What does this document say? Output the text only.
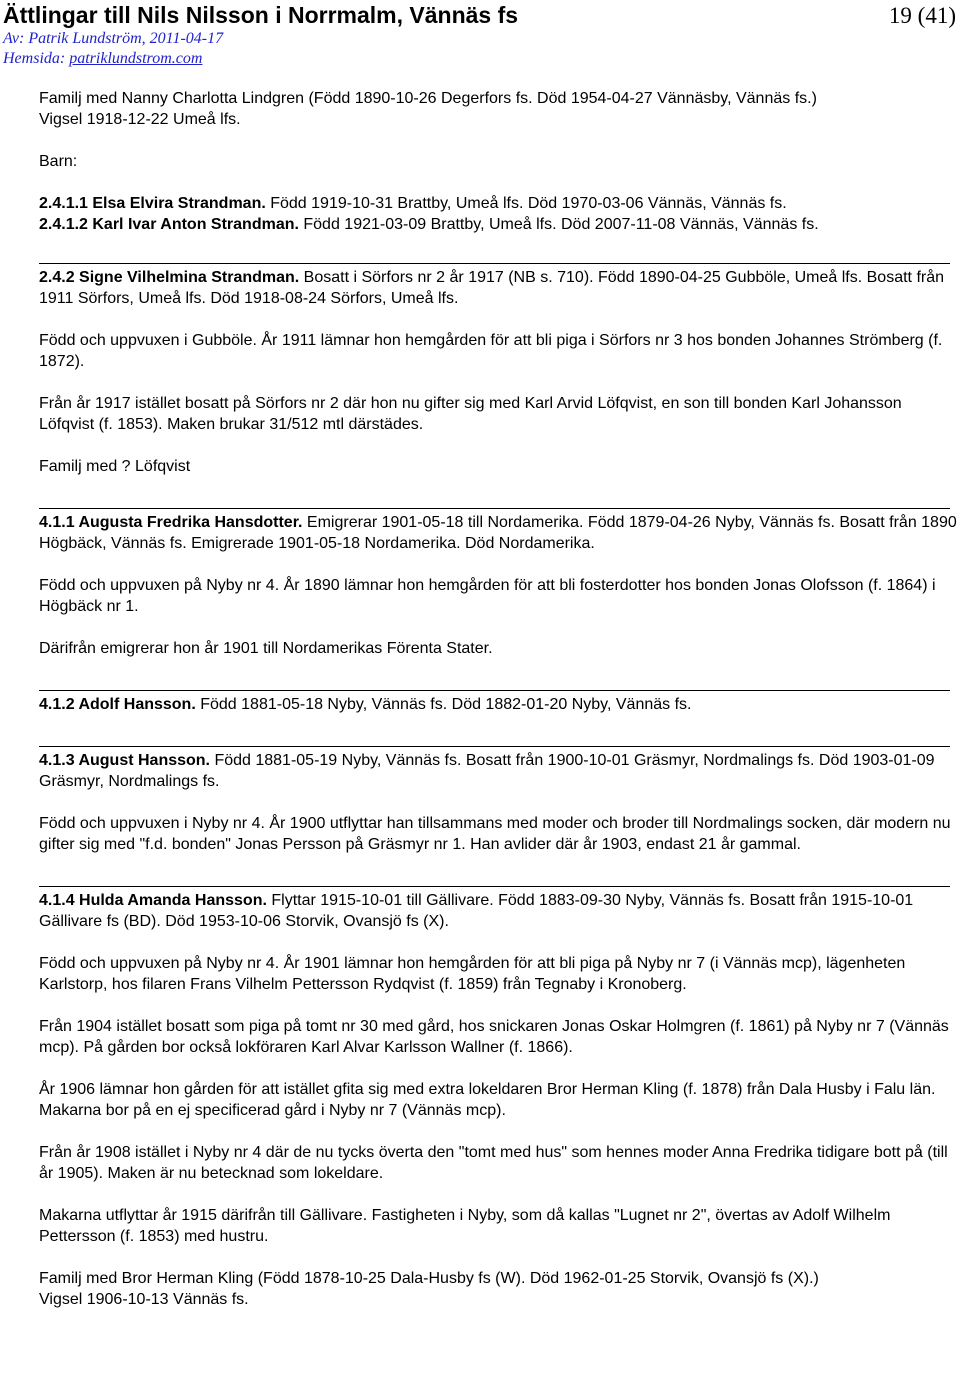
Ättlingar till Nils Nilsson i Norrmalm, Vännäs fs	19 (41)
Av: Patrik Lundström, 2011-04-17
Hemsida: patriklundstrom.com

Familj med Nanny Charlotta Lindgren (Född 1890-10-26 Degerfors fs. Död 1954-04-27 Vännäsby, Vännäs fs.)

Vigsel 1918-12-22 Umeå lfs.

Barn:

2.4.1.1 Elsa Elvira Strandman. Född 1919-10-31 Brattby, Umeå lfs. Död 1970-03-06 Vännäs, Vännäs fs.
2.4.1.2 Karl Ivar Anton Strandman. Född 1921-03-09 Brattby, Umeå lfs. Död 2007-11-08 Vännäs, Vännäs fs.

2.4.2 Signe Vilhelmina Strandman. Bosatt i Sörfors nr 2 år 1917 (NB s. 710). Född 1890-04-25 Gubböle, Umeå lfs. Bosatt från 1911 Sörfors, Umeå lfs. Död 1918-08-24 Sörfors, Umeå lfs.

Född och uppvuxen i Gubböle. År 1911 lämnar hon hemgården för att bli piga i Sörfors nr 3 hos bonden Johannes Strömberg (f. 1872).

Från år 1917 istället bosatt på Sörfors nr 2 där hon nu gifter sig med Karl Arvid Löfqvist, en son till bonden Karl Johansson Löfqvist (f. 1853). Maken brukar 31/512 mtl därstädes.

Familj med ? Löfqvist

4.1.1 Augusta Fredrika Hansdotter. Emigrerar 1901-05-18 till Nordamerika. Född 1879-04-26 Nyby, Vännäs fs. Bosatt från 1890 Högbäck, Vännäs fs. Emigrerade 1901-05-18 Nordamerika. Död Nordamerika.

Född och uppvuxen på Nyby nr 4. År 1890 lämnar hon hemgården för att bli fosterdotter hos bonden Jonas Olofsson (f. 1864) i Högbäck nr 1.

Därifrån emigrerar hon år 1901 till Nordamerikas Förenta Stater.

4.1.2 Adolf Hansson. Född 1881-05-18 Nyby, Vännäs fs. Död 1882-01-20 Nyby, Vännäs fs.

4.1.3 August Hansson. Född 1881-05-19 Nyby, Vännäs fs. Bosatt från 1900-10-01 Gräsmyr, Nordmalings fs. Död 1903-01-09 Gräsmyr, Nordmalings fs.

Född och uppvuxen i Nyby nr 4. År 1900 utflyttar han tillsammans med moder och broder till Nordmalings socken, där modern nu gifter sig med "f.d. bonden" Jonas Persson på Gräsmyr nr 1. Han avlider där år 1903, endast 21 år gammal.

4.1.4 Hulda Amanda Hansson. Flyttar 1915-10-01 till Gällivare. Född 1883-09-30 Nyby, Vännäs fs. Bosatt från 1915-10-01 Gällivare fs (BD). Död 1953-10-06 Storvik, Ovansjö fs (X).

Född och uppvuxen på Nyby nr 4. År 1901 lämnar hon hemgården för att bli piga på Nyby nr 7 (i Vännäs mcp), lägenheten Karlstorp, hos filaren Frans Vilhelm Pettersson Rydqvist (f. 1859) från Tegnaby i Kronoberg.

Från 1904 istället bosatt som piga på tomt nr 30 med gård, hos snickaren Jonas Oskar Holmgren (f. 1861) på Nyby nr 7 (Vännäs mcp). På gården bor också lokföraren Karl Alvar Karlsson Wallner (f. 1866).

År 1906 lämnar hon gården för att istället gfita sig med extra lokeldaren Bror Herman Kling (f. 1878) från Dala Husby i Falu län. Makarna bor på en ej specificerad gård i Nyby nr 7 (Vännäs mcp).

Från år 1908 istället i Nyby nr 4 där de nu tycks överta den "tomt med hus" som hennes moder Anna Fredrika tidigare bott på (till år 1905). Maken är nu betecknad som lokeldare.

Makarna utflyttar år 1915 därifrån till Gällivare. Fastigheten i Nyby, som då kallas "Lugnet nr 2", övertas av Adolf Wilhelm Pettersson (f. 1853) med hustru.

Familj med Bror Herman Kling (Född 1878-10-25 Dala-Husby fs (W). Död 1962-01-25 Storvik, Ovansjö fs (X).)

Vigsel 1906-10-13 Vännäs fs.
